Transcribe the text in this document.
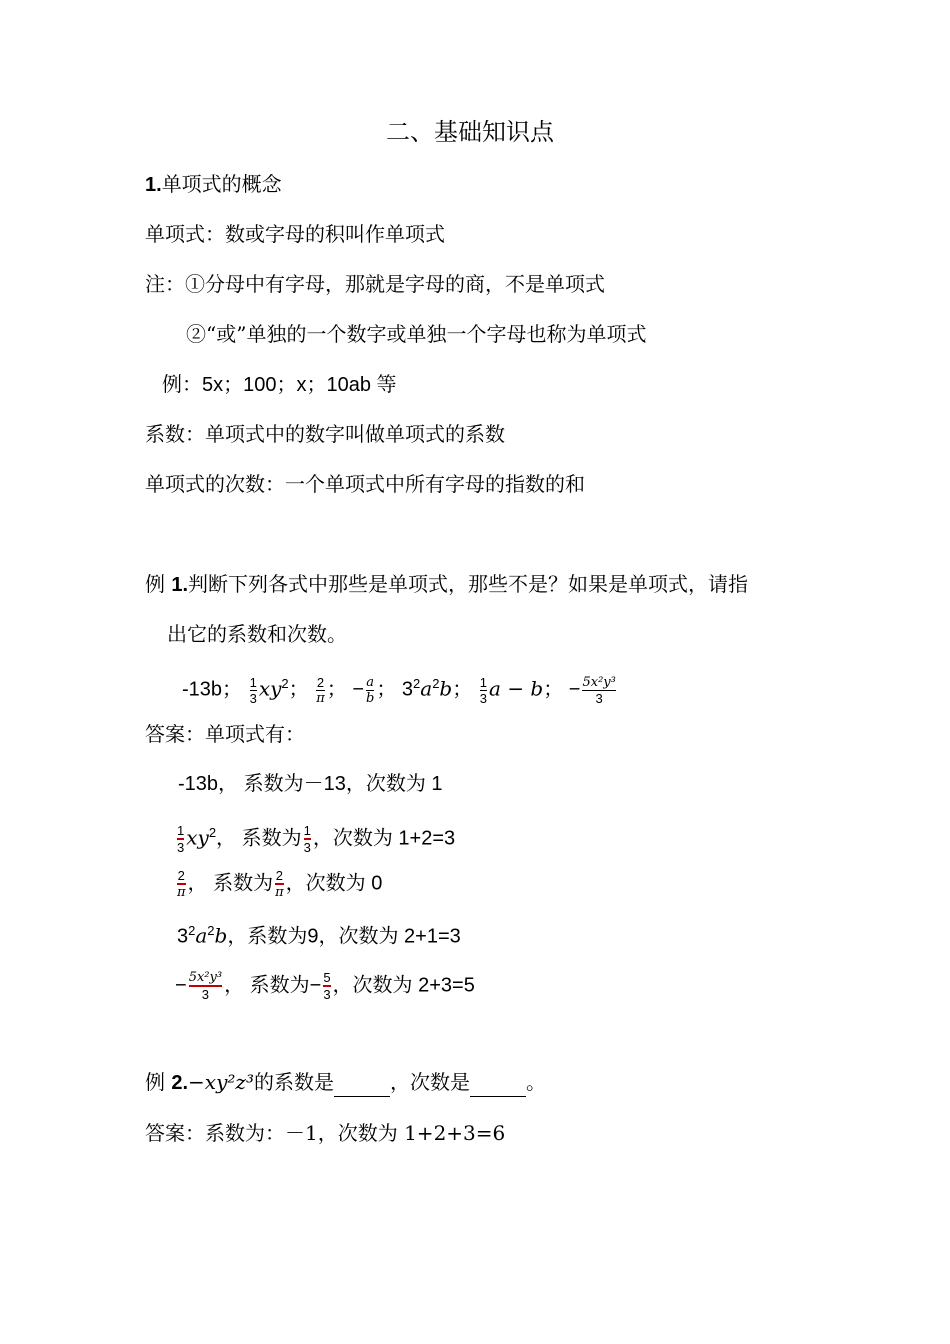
二、基础知识点
1.单项式的概念
单项式：数或字母的积叫作单项式
注：①分母中有字母，那就是字母的商，不是单项式
②“或”单独的一个数字或单独一个字母也称为单项式
例：5x；100；x；10ab 等
系数：单项式中的数字叫做单项式的系数
单项式的次数：一个单项式中所有字母的指数的和
例 1.判断下列各式中那些是单项式，那些不是？如果是单项式，请指
出它的系数和次数。
-13b； $\frac{1}{3} xy^2$； $\frac{2}{\pi}$ ； − $\frac{a}{b}$ ； $3^2a^2b$； $\frac{1}{3}$ a − b； − $\frac{\text{5x²y³}}{3}$
答案：单项式有：
-13b， 系数为－13，次数为 1
$\frac{1}{3} xy^2$， 系数为 $\frac{1}{3}$ ，次数为 1+2=3
$\frac{2}{\pi}$ ， 系数为 $\frac{2}{\pi}$ ，次数为 0
$3^2a^2b$，系数为9，次数为 2+1=3
− $\frac{\text{5x²y³}}{3}$ ， 系数为− $\frac{5}{3}$ ，次数为 2+3=5
例 2.−xy²z³的系数是	，次数是	。
答案：系数为：－1，次数为 1+2+3=6
